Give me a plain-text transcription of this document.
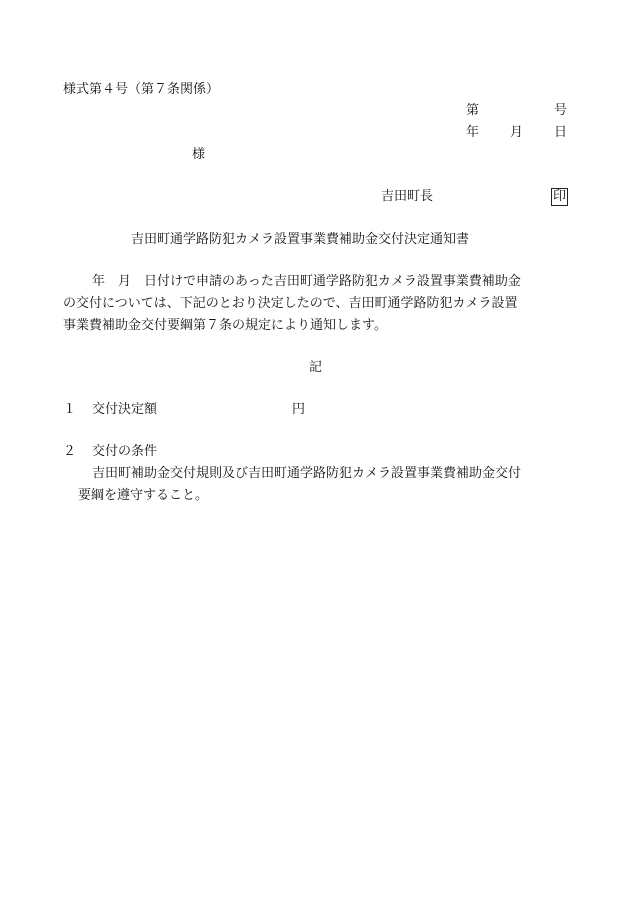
様式第４号（第７条関係）
第	号
年 月 日
様
吉田町長	印
吉田町通学路防犯カメラ設置事業費補助金交付決定通知書
年　月　日付けで申請のあった吉田町通学路防犯カメラ設置事業費補助金
の交付については、下記のとおり決定したので、吉田町通学路防犯カメラ設置
事業費補助金交付要綱第７条の規定により通知します。
記
１ 交付決定額	円
２ 交付の条件
吉田町補助金交付規則及び吉田町通学路防犯カメラ設置事業費補助金交付
要綱を遵守すること。
